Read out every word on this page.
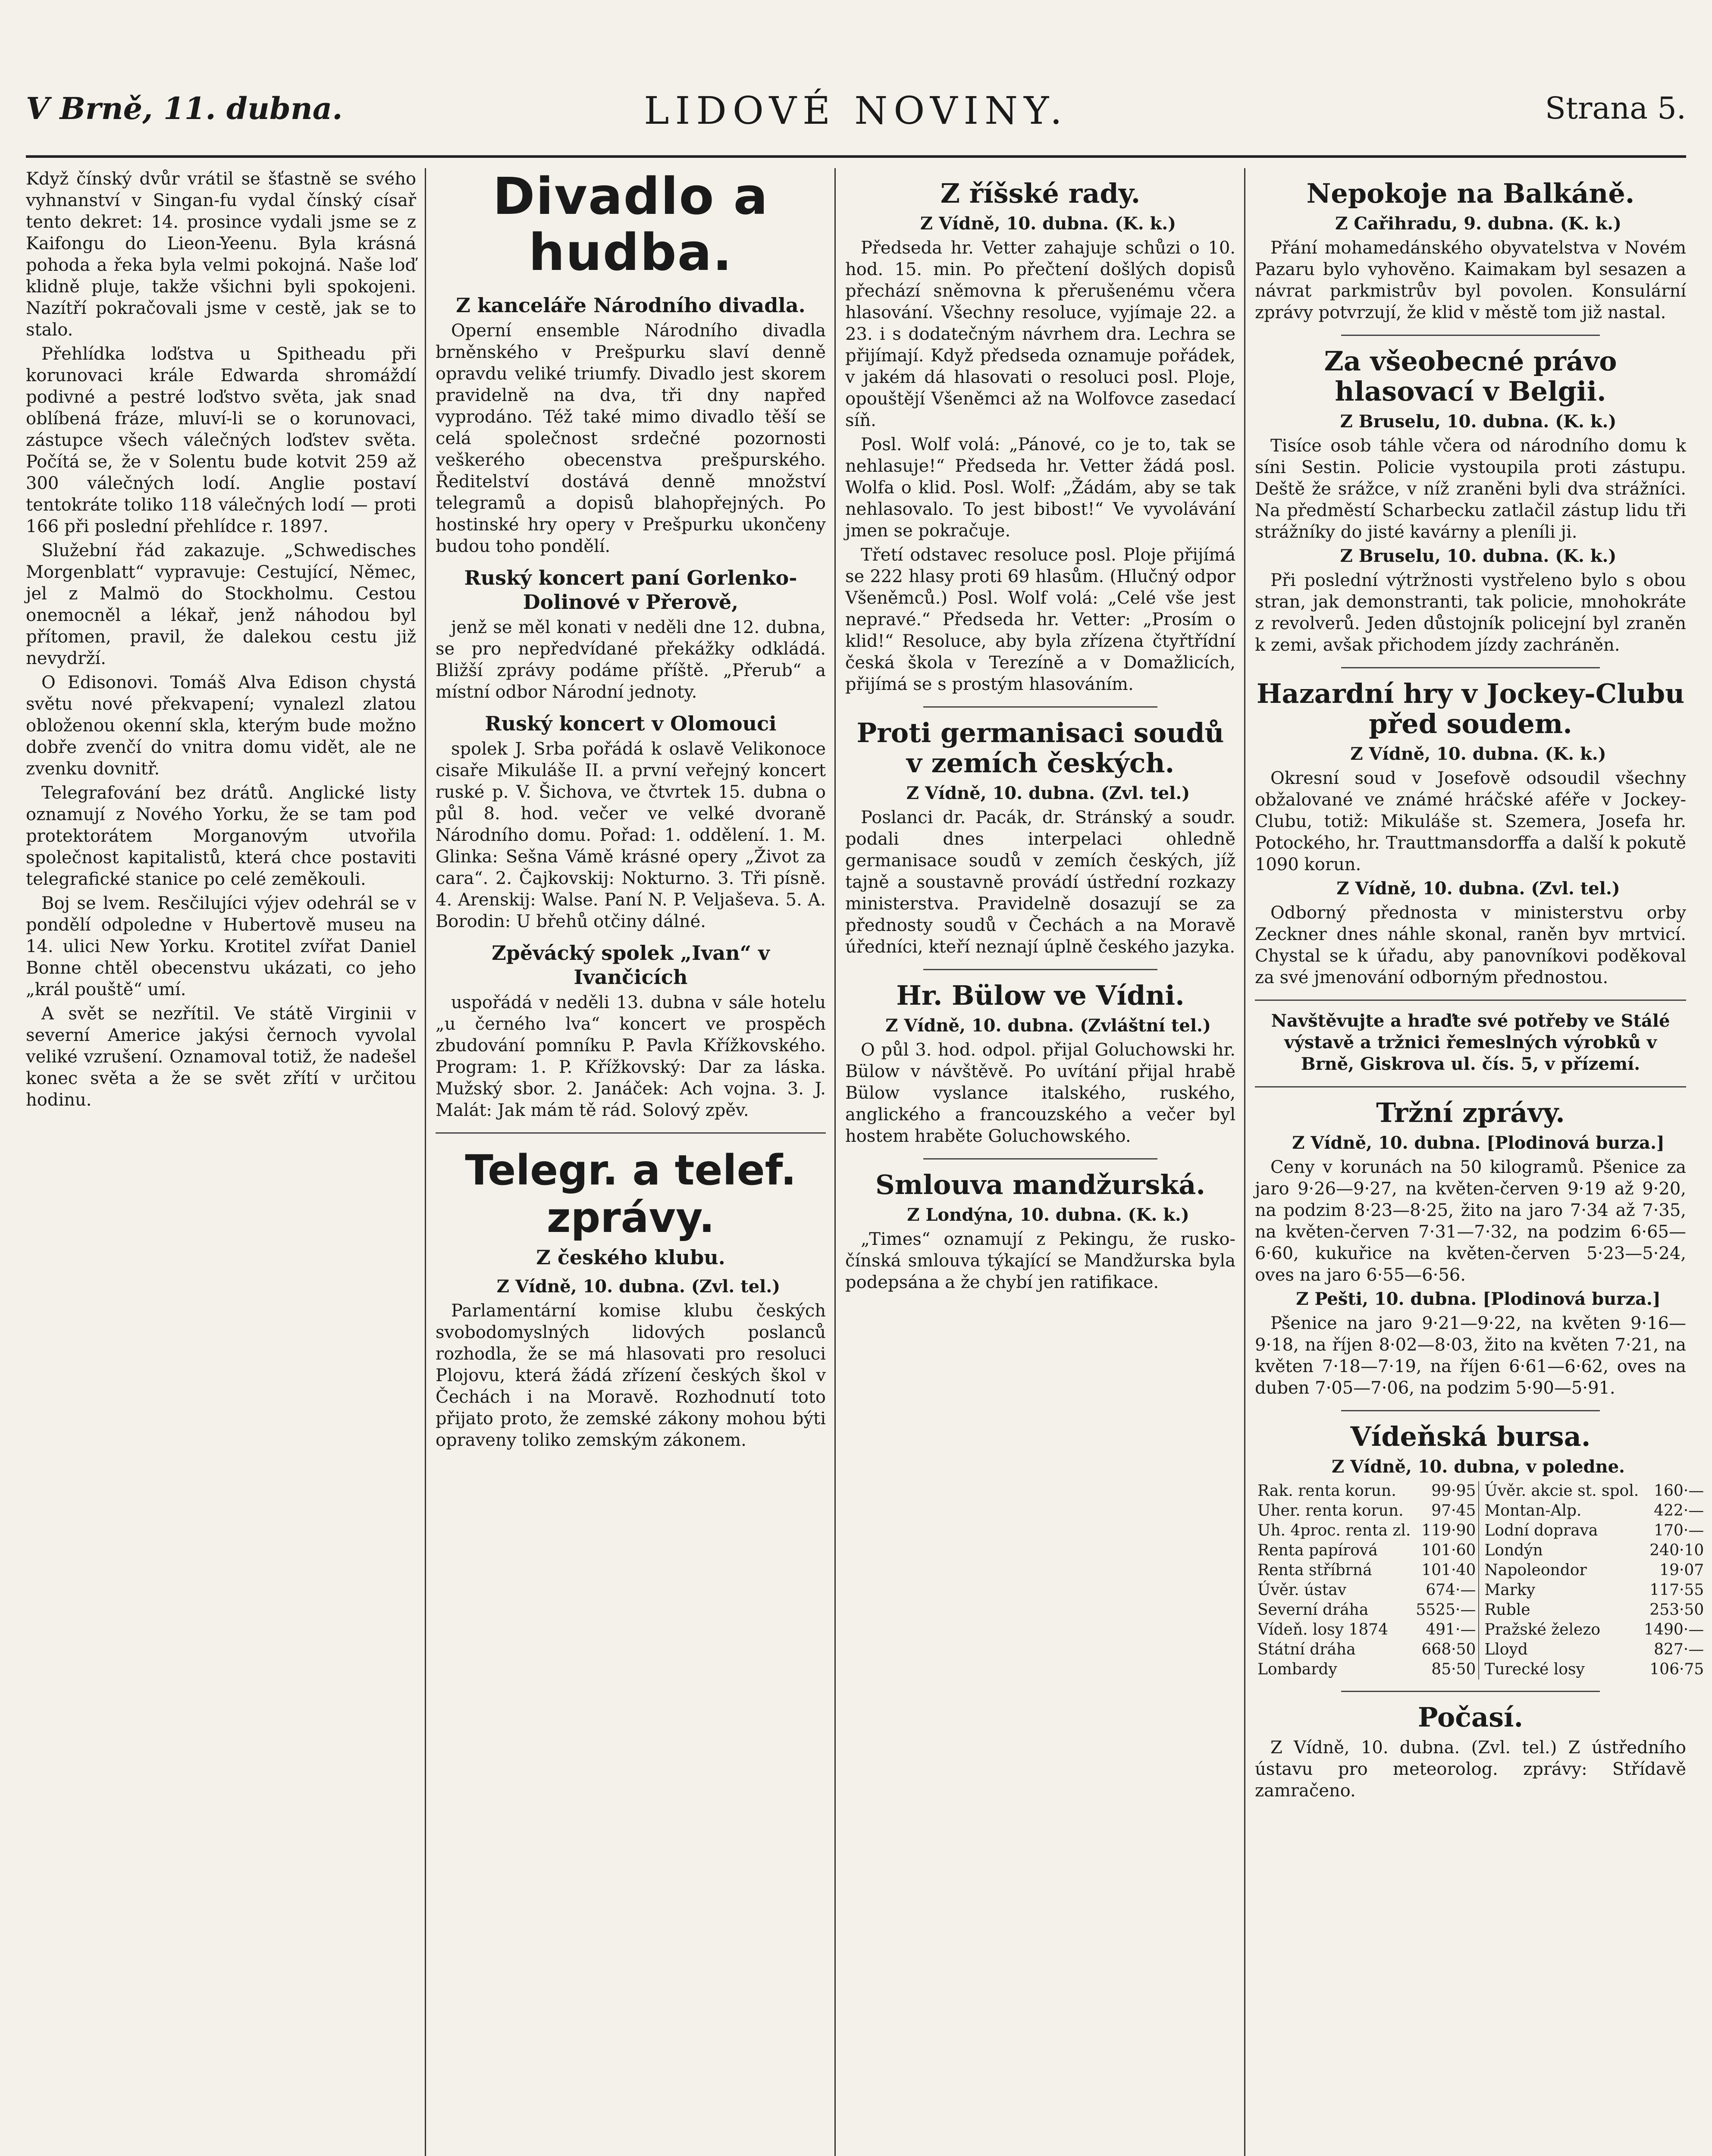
V Brně, 11. dubna.	LIDOVÉ NOVINY.	Strana 5.

Když čínský dvůr vrátil se šťastně se svého vyhnanství v Singan-fu vydal čínský císař tento dekret: 14. prosince vydali jsme se z Kaifongu do Lieon-Yeenu. Byla krásná pohoda a řeka byla velmi pokojná. Naše loď klidně pluje, takže všichni byli spokojeni. Nazítří pokračovali jsme v cestě, jak se to stalo.

Přehlídka loďstva u Spitheadu při korunovaci krále Edwarda shromáždí podivné a pestré loďstvo světa, jak snad oblíbená fráze, mluví-li se o korunovaci, zástupce všech válečných loďstev světa. Počítá se, že v Solentu bude kotvit 259 až 300 válečných lodí. Anglie postaví tentokráte toliko 118 válečných lodí — proti 166 při poslední přehlídce r. 1897.

Služební řád zakazuje. „Schwedisches Morgenblatt“ vypravuje: Cestující, Němec, jel z Malmö do Stockholmu. Cestou onemocněl a lékař, jenž náhodou byl přítomen, pravil, že dalekou cestu již nevydrží.

O Edisonovi. Tomáš Alva Edison chystá světu nové překvapení; vynalezl zlatou obloženou okenní skla, kterým bude možno dobře zvenčí do vnitra domu vidět, ale ne zvenku dovnitř.

Telegrafování bez drátů. Anglické listy oznamují z Nového Yorku, že se tam pod protektorátem Morganovým utvořila společnost kapitalistů, která chce postaviti telegrafické stanice po celé zeměkouli.

Boj se lvem. Resčilujíci výjev odehrál se v pondělí odpoledne v Hubertově museu na 14. ulici New Yorku. Krotitel zvířat Daniel Bonne chtěl obecenstvu ukázati, co jeho „král pouště“ umí.

A svět se nezřítil. Ve státě Virginii v severní Americe jakýsi černoch vyvolal veliké vzrušení. Oznamoval totiž, že nadešel konec světa a že se svět zřítí v určitou hodinu.

Divadlo a hudba.
Z kanceláře Národního divadla.

Operní ensemble Národního divadla brněnského v Prešpurku slaví denně opravdu veliké triumfy. Divadlo jest skorem pravidelně na dva, tři dny napřed vyprodáno. Též také mimo divadlo těší se celá společnost srdečné pozornosti veškerého obecenstva prešpurského. Ředitelství dostává denně množství telegramů a dopisů blahopřejných. Po hostinské hry opery v Prešpurku ukončeny budou toho pondělí.

Ruský koncert paní Gorlenko-Dolinové v Přerově,

jenž se měl konati v neděli dne 12. dubna, se pro nepředvídané překážky odkládá. Bližší zprávy podáme příště. „Přerub“ a místní odbor Národní jednoty.

Ruský koncert v Olomouci

spolek J. Srba pořádá k oslavě Velikonoce cisaře Mikuláše II. a první veřejný koncert ruské p. V. Šichova, ve čtvrtek 15. dubna o půl 8. hod. večer ve velké dvoraně Národního domu. Pořad: 1. oddělení. 1. M. Glinka: Sešna Vámě krásné opery „Život za cara“. 2. Čajkovskij: Nokturno. 3. Tři písně. 4. Arenskij: Walse. Paní N. P. Veljaševa. 5. A. Borodin: U břehů otčiny dálné.

Zpěvácký spolek „Ivan“ v Ivančicích

uspořádá v neděli 13. dubna v sále hotelu „u černého lva“ koncert ve prospěch zbudování pomníku P. Pavla Křížkovského. Program: 1. P. Křížkovský: Dar za láska. Mužský sbor. 2. Janáček: Ach vojna. 3. J. Malát: Jak mám tě rád. Solový zpěv.

Telegr. a telef. zprávy.
Z českého klubu.

Z Vídně, 10. dubna. (Zvl. tel.)

Parlamentární komise klubu českých svobodomyslných lidových poslanců rozhodla, že se má hlasovati pro resoluci Plojovu, která žádá zřízení českých škol v Čechách i na Moravě. Rozhodnutí toto přijato proto, že zemské zákony mohou býti opraveny toliko zemským zákonem.

Z říšské rady.

Z Vídně, 10. dubna. (K. k.)

Předseda hr. Vetter zahajuje schůzi o 10. hod. 15. min. Po přečtení došlých dopisů přechází sněmovna k přerušenému včera hlasování. Všechny resoluce, vyjímaje 22. a 23. i s dodatečným návrhem dra. Lechra se přijímají. Když předseda oznamuje pořádek, v jakém dá hlasovati o resoluci posl. Ploje, opouštějí Všeněmci až na Wolfovce zasedací síň.

Posl. Wolf volá: „Pánové, co je to, tak se nehlasuje!“ Předseda hr. Vetter žádá posl. Wolfa o klid. Posl. Wolf: „Žádám, aby se tak nehlasovalo. To jest bibost!“ Ve vyvolávání jmen se pokračuje.

Třetí odstavec resoluce posl. Ploje přijímá se 222 hlasy proti 69 hlasům. (Hlučný odpor Všeněmců.) Posl. Wolf volá: „Celé vše jest nepravé.“ Předseda hr. Vetter: „Prosím o klid!“ Resoluce, aby byla zřízena čtyřtřídní česká škola v Terezíně a v Domažlicích, přijímá se s prostým hlasováním.

Proti germanisaci soudů v zemích českých.

Z Vídně, 10. dubna. (Zvl. tel.)

Poslanci dr. Pacák, dr. Stránský a soudr. podali dnes interpelaci ohledně germanisace soudů v zemích českých, jíž tajně a soustavně provádí ústřední rozkazy ministerstva. Pravidelně dosazují se za přednosty soudů v Čechách a na Moravě úředníci, kteří neznají úplně českého jazyka.

Hr. Bülow ve Vídni.

Z Vídně, 10. dubna. (Zvláštní tel.)

O půl 3. hod. odpol. přijal Goluchowski hr. Bülow v návštěvě. Po uvítání přijal hrabě Bülow vyslance italského, ruského, anglického a francouzského a večer byl hostem hraběte Goluchowského.

Smlouva mandžurská.

Z Londýna, 10. dubna. (K. k.)

„Times“ oznamují z Pekingu, že rusko-čínská smlouva týkající se Mandžurska byla podepsána a že chybí jen ratifikace.

Nepokoje na Balkáně.

Z Cařihradu, 9. dubna. (K. k.)

Přání mohamedánského obyvatelstva v Novém Pazaru bylo vyhověno. Kaimakam byl sesazen a návrat parkmistrův byl povolen. Konsulární zprávy potvrzují, že klid v městě tom již nastal.

Za všeobecné právo hlasovací v Belgii.

Z Bruselu, 10. dubna. (K. k.)

Tisíce osob táhle včera od národního domu k síni Sestin. Policie vystoupila proti zástupu. Deště že srážce, v níž zraněni byli dva strážníci. Na předměstí Scharbecku zatlačil zástup lidu tři strážníky do jisté kavárny a pleníli ji.

Z Bruselu, 10. dubna. (K. k.)

Při poslední výtržnosti vystřeleno bylo s obou stran, jak demonstranti, tak policie, mnohokráte z revolverů. Jeden důstojník policejní byl zraněn k zemi, avšak přichodem jízdy zachráněn.

Hazardní hry v Jockey-Clubu před soudem.

Z Vídně, 10. dubna. (K. k.)

Okresní soud v Josefově odsoudil všechny obžalované ve známé hráčské aféře v Jockey-Clubu, totiž: Mikuláše st. Szemera, Josefa hr. Potockého, hr. Trauttmansdorffa a další k pokutě 1090 korun.

Z Vídně, 10. dubna. (Zvl. tel.)

Odborný přednosta v ministerstvu orby Zeckner dnes náhle skonal, raněn byv mrtvicí. Chystal se k úřadu, aby panovníkovi poděkoval za své jmenování odborným přednostou.

Navštěvujte a hraďte své potřeby ve Stálé výstavě a tržnici řemeslných výrobků v Brně, Giskrova ul. čís. 5, v přízemí.

Tržní zprávy.

Z Vídně, 10. dubna. [Plodinová burza.]

Ceny v korunách na 50 kilogramů. Pšenice za jaro 9·26—9·27, na květen-červen 9·19 až 9·20, na podzim 8·23—8·25, žito na jaro 7·34 až 7·35, na květen-červen 7·31—7·32, na podzim 6·65—6·60, kukuřice na květen-červen 5·23—5·24, oves na jaro 6·55—6·56.

Z Pešti, 10. dubna. [Plodinová burza.]

Pšenice na jaro 9·21—9·22, na květen 9·16—9·18, na říjen 8·02—8·03, žito na květen 7·21, na květen 7·18—7·19, na říjen 6·61—6·62, oves na duben 7·05—7·06, na podzim 5·90—5·91.

Vídeňská bursa.

Z Vídně, 10. dubna, v poledne.

Rak. renta korun.	99·95	Úvěr. akcie st. spol.	160·—
Uher. renta korun.	97·45	Montan-Alp.	422·—
Uh. 4proc. renta zl.	119·90	Lodní doprava	170·—
Renta papírová	101·60	Londýn	240·10
Renta stříbrná	101·40	Napoleondor	19·07
Úvěr. ústav	674·—	Marky	117·55
Severní dráha	5525·—	Ruble	253·50
Vídeň. losy 1874	491·—	Pražské železo	1490·—
Státní dráha	668·50	Lloyd	827·—
Lombardy	85·50	Turecké losy	106·75
Počasí.

Z Vídně, 10. dubna. (Zvl. tel.) Z ústředního ústavu pro meteorolog. zprávy: Střídavě zamračeno.
